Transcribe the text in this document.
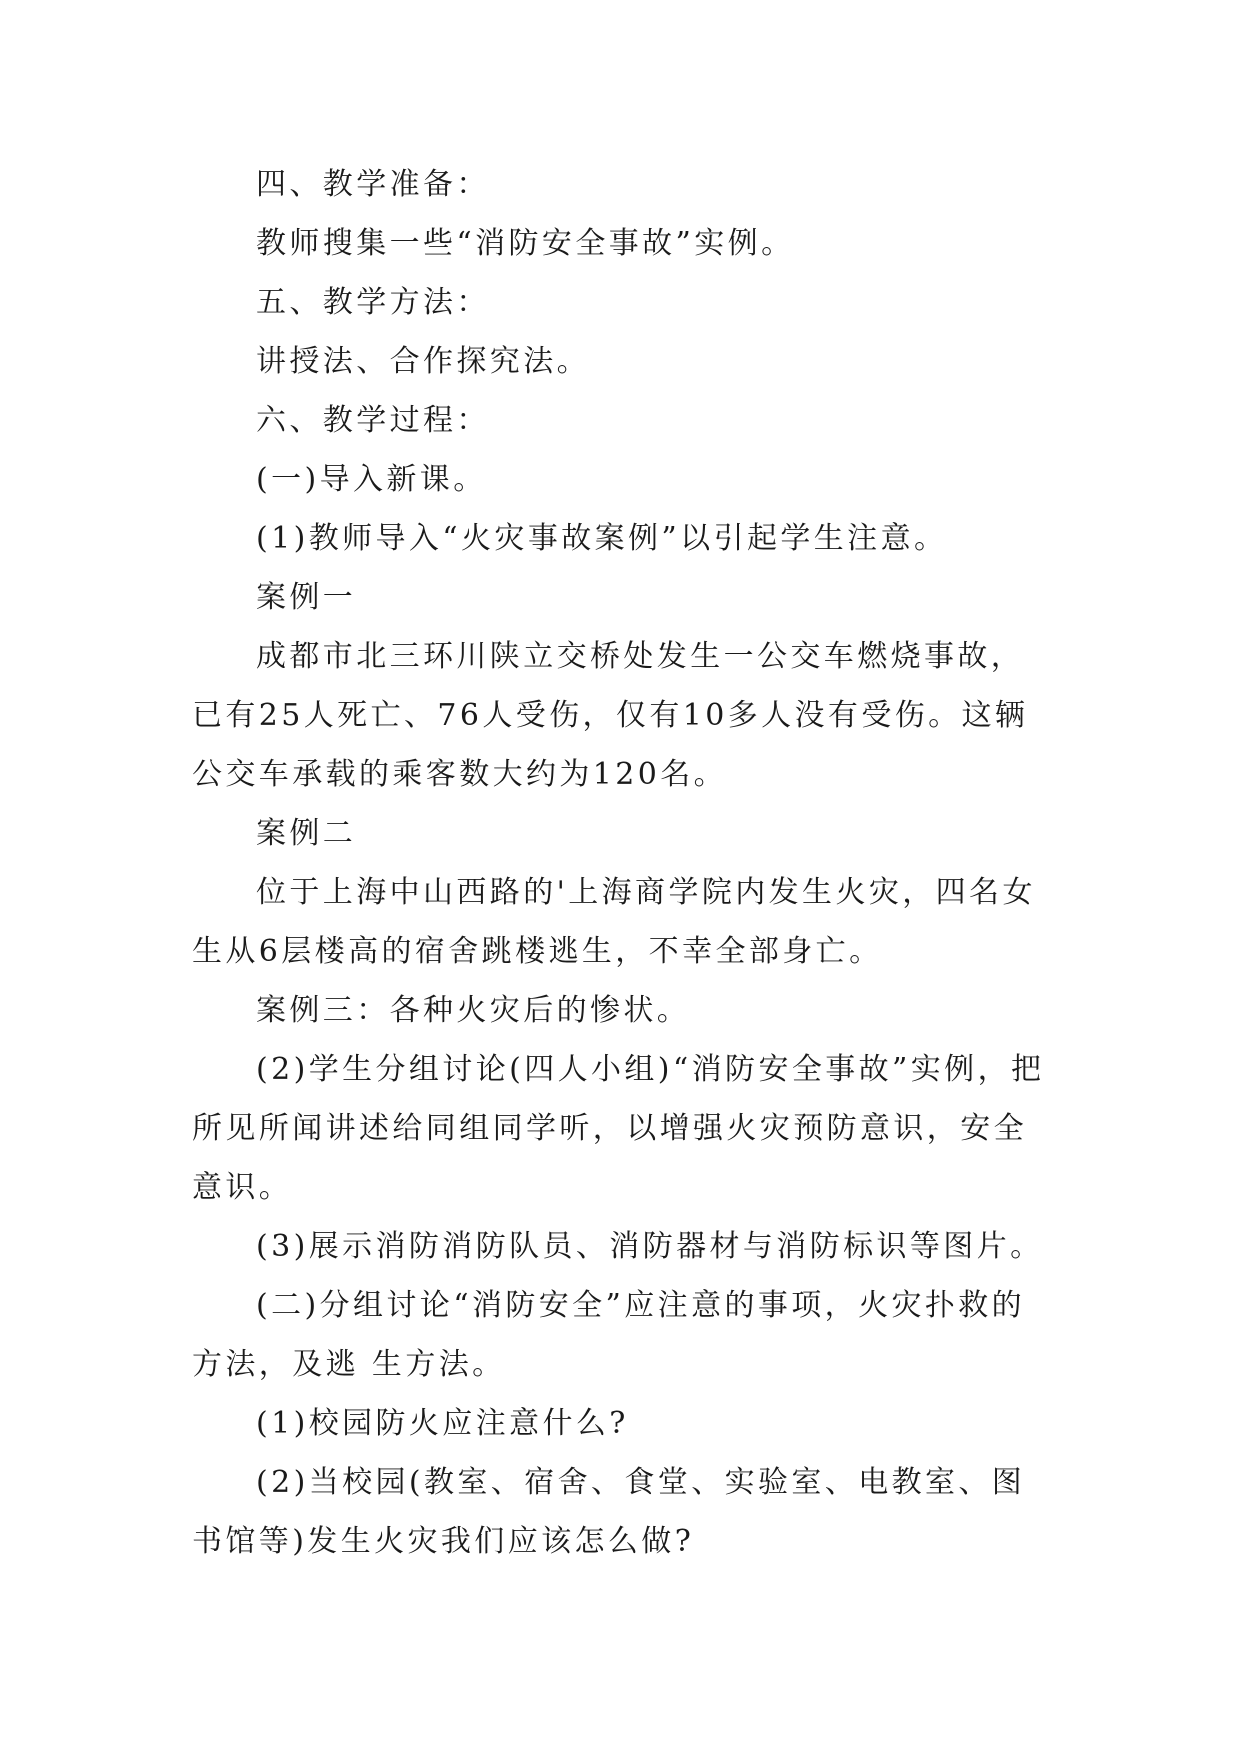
四、教学准备：

教师搜集一些“消防安全事故”实例。

五、教学方法：

讲授法、合作探究法。

六、教学过程：

(一)导入新课。

(1)教师导入“火灾事故案例”以引起学生注意。

案例一

成都市北三环川陕立交桥处发生一公交车燃烧事故，已有25人死亡、76人受伤，仅有10多人没有受伤。这辆公交车承载的乘客数大约为120名。

案例二

位于上海中山西路的'上海商学院内发生火灾，四名女生从6层楼高的宿舍跳楼逃生，不幸全部身亡。

案例三：各种火灾后的惨状。

(2)学生分组讨论(四人小组)“消防安全事故”实例，把所见所闻讲述给同组同学听，以增强火灾预防意识，安全意识。

(3)展示消防消防队员、消防器材与消防标识等图片。

(二)分组讨论“消防安全”应注意的事项，火灾扑救的方法，及逃 生方法。

(1)校园防火应注意什么?

(2)当校园(教室、宿舍、食堂、实验室、电教室、图书馆等)发生火灾我们应该怎么做?
